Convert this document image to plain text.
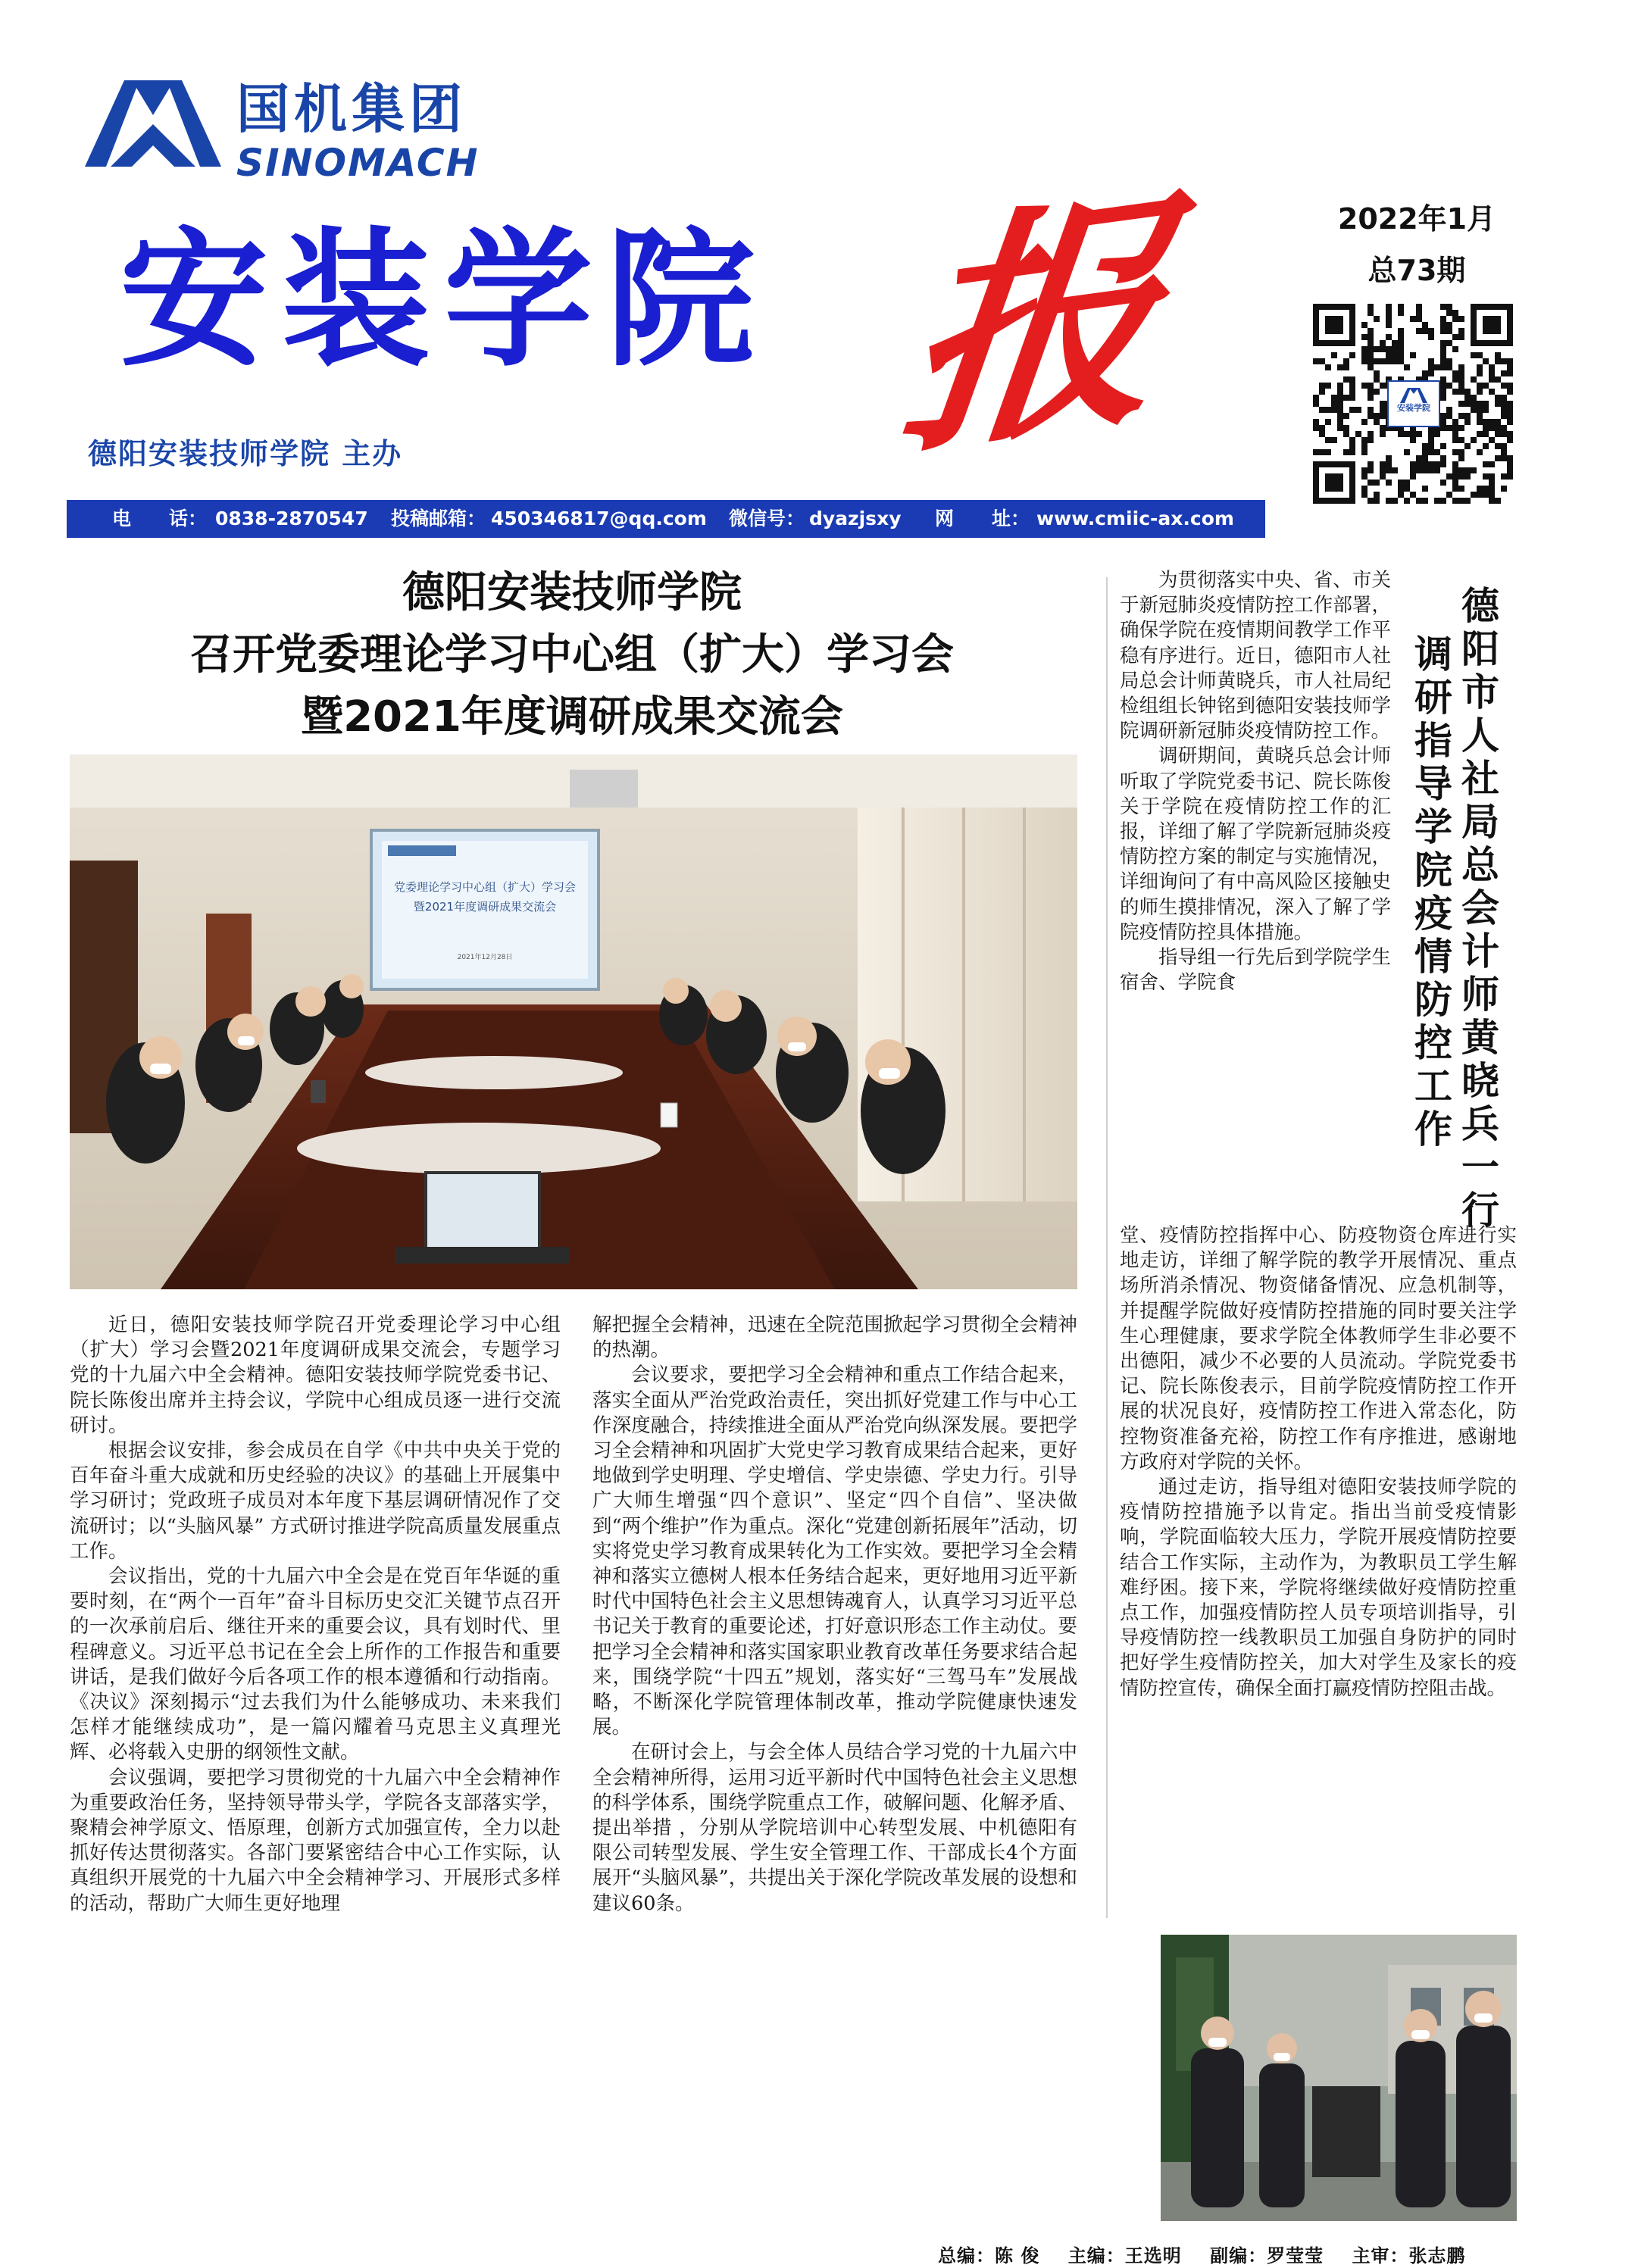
国机集团
SINOMACH
安装学院 报
德阳安装技师学院 主办
2022年1月
总73期
安装学院
电　　话： 0838-2870547 投稿邮箱： 450346817@qq.com 微信号： dyazjsxy 网　　址： www.cmiic-ax.com
德阳安装技师学院
召开党委理论学习中心组（扩大）学习会
暨2021年度调研成果交流会
党委理论学习中心组（扩大）学习会
暨2021年度调研成果交流会
2021年12月28日

近日，德阳安装技师学院召开党委理论学习中心组（扩大）学习会暨2021年度调研成果交流会，专题学习党的十九届六中全会精神。德阳安装技师学院党委书记、院长陈俊出席并主持会议，学院中心组成员逐一进行交流研讨。

根据会议安排，参会成员在自学《中共中央关于党的百年奋斗重大成就和历史经验的决议》的基础上开展集中学习研讨；党政班子成员对本年度下基层调研情况作了交流研讨；以“头脑风暴” 方式研讨推进学院高质量发展重点工作。

会议指出，党的十九届六中全会是在党百年华诞的重要时刻，在“两个一百年”奋斗目标历史交汇关键节点召开的一次承前启后、继往开来的重要会议，具有划时代、里程碑意义。习近平总书记在全会上所作的工作报告和重要讲话，是我们做好今后各项工作的根本遵循和行动指南。《决议》深刻揭示“过去我们为什么能够成功、未来我们怎样才能继续成功”，是一篇闪耀着马克思主义真理光辉、必将载入史册的纲领性文献。

会议强调，要把学习贯彻党的十九届六中全会精神作为重要政治任务，坚持领导带头学，学院各支部落实学，聚精会神学原文、悟原理，创新方式加强宣传，全力以赴抓好传达贯彻落实。各部门要紧密结合中心工作实际，认真组织开展党的十九届六中全会精神学习、开展形式多样的活动，帮助广大师生更好地理

解把握全会精神，迅速在全院范围掀起学习贯彻全会精神的热潮。

会议要求，要把学习全会精神和重点工作结合起来，落实全面从严治党政治责任，突出抓好党建工作与中心工作深度融合，持续推进全面从严治党向纵深发展。要把学习全会精神和巩固扩大党史学习教育成果结合起来，更好地做到学史明理、学史增信、学史崇德、学史力行。引导广大师生增强“四个意识”、坚定“四个自信”、坚决做到“两个维护”作为重点。深化“党建创新拓展年”活动，切实将党史学习教育成果转化为工作实效。要把学习全会精神和落实立德树人根本任务结合起来，更好地用习近平新时代中国特色社会主义思想铸魂育人，认真学习习近平总书记关于教育的重要论述，打好意识形态工作主动仗。要把学习全会精神和落实国家职业教育改革任务要求结合起来，围绕学院“十四五”规划，落实好“三驾马车”发展战略，不断深化学院管理体制改革，推动学院健康快速发展。

在研讨会上，与会全体人员结合学习党的十九届六中全会精神所得，运用习近平新时代中国特色社会主义思想的科学体系，围绕学院重点工作，破解问题、化解矛盾、提出举措 ，分别从学院培训中心转型发展、中机德阳有限公司转型发展、学生安全管理工作、干部成长4个方面展开“头脑风暴”，共提出关于深化学院改革发展的设想和建议60条。

德阳市人社局总会计师黄晓兵一行
调研指导学院疫情防控工作

为贯彻落实中央、省、市关于新冠肺炎疫情防控工作部署，确保学院在疫情期间教学工作平稳有序进行。近日，德阳市人社局总会计师黄晓兵，市人社局纪检组组长钟铭到德阳安装技师学院调研新冠肺炎疫情防控工作。

调研期间，黄晓兵总会计师听取了学院党委书记、院长陈俊关于学院在疫情防控工作的汇报，详细了解了学院新冠肺炎疫情防控方案的制定与实施情况，详细询问了有中高风险区接触史的师生摸排情况，深入了解了学院疫情防控具体措施。

指导组一行先后到学院学生宿舍、学院食

堂、疫情防控指挥中心、防疫物资仓库进行实地走访，详细了解学院的教学开展情况、重点场所消杀情况、物资储备情况、应急机制等，并提醒学院做好疫情防控措施的同时要关注学生心理健康，要求学院全体教师学生非必要不出德阳，减少不必要的人员流动。学院党委书记、院长陈俊表示，目前学院疫情防控工作开展的状况良好，疫情防控工作进入常态化，防控物资准备充裕，防控工作有序推进，感谢地方政府对学院的关怀。

通过走访，指导组对德阳安装技师学院的疫情防控措施予以肯定。指出当前受疫情影响，学院面临较大压力，学院开展疫情防控要结合工作实际，主动作为，为教职员工学生解难纾困。接下来，学院将继续做好疫情防控重点工作，加强疫情防控人员专项培训指导，引导疫情防控一线教职员工加强自身防护的同时把好学生疫情防控关，加大对学生及家长的疫情防控宣传，确保全面打赢疫情防控阻击战。

总编：陈 俊 主编：王选明 副编：罗莹莹 主审：张志鹏
